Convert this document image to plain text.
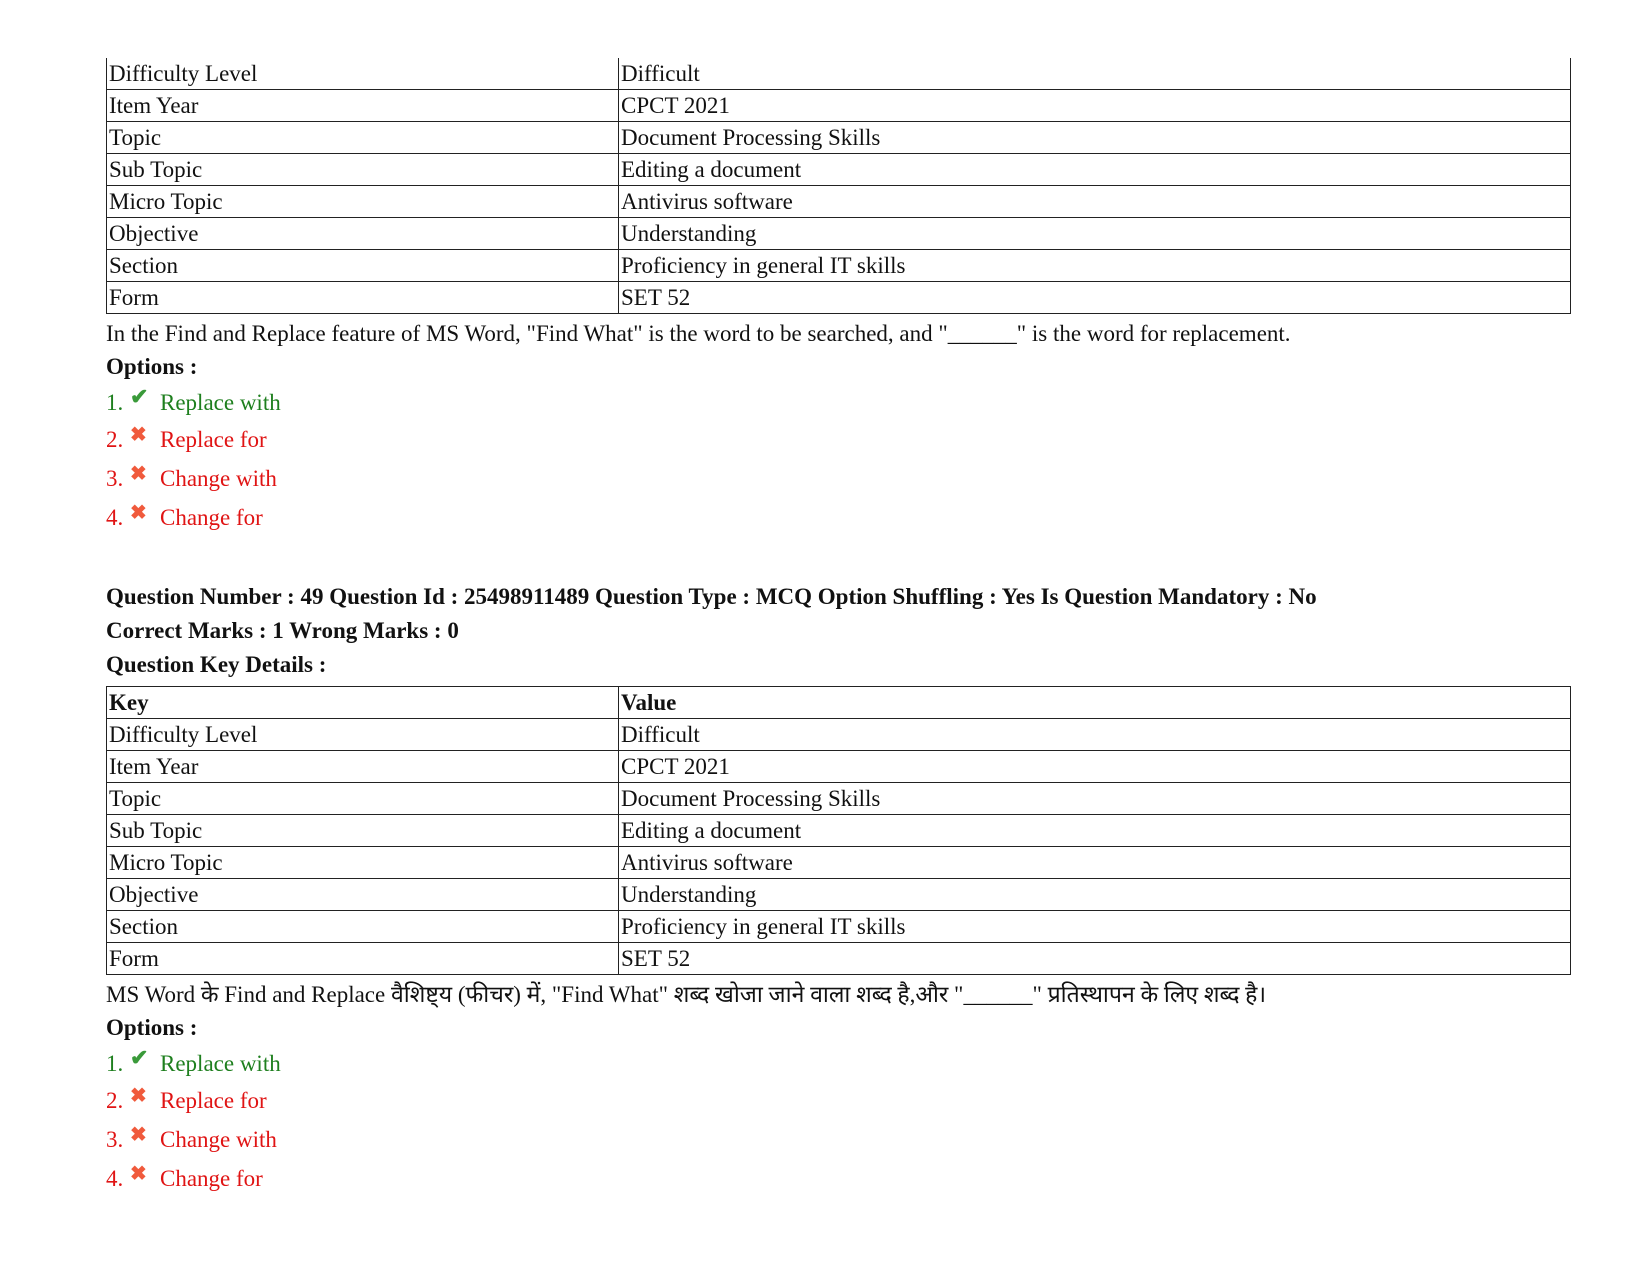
Difficulty Level	Difficult
Item Year	CPCT 2021
Topic	Document Processing Skills
Sub Topic	Editing a document
Micro Topic	Antivirus software
Objective	Understanding
Section	Proficiency in general IT skills
Form	SET 52
In the Find and Replace feature of MS Word, "Find What" is the word to be searched, and "______" is the word for replacement.
Options :
1. ✔ Replace with
2. ✖ Replace for
3. ✖ Change with
4. ✖ Change for
Question Number : 49 Question Id : 25498911489 Question Type : MCQ Option Shuffling : Yes Is Question Mandatory : No
Correct Marks : 1 Wrong Marks : 0
Question Key Details :
Key	Value
Difficulty Level	Difficult
Item Year	CPCT 2021
Topic	Document Processing Skills
Sub Topic	Editing a document
Micro Topic	Antivirus software
Objective	Understanding
Section	Proficiency in general IT skills
Form	SET 52
MS Word के Find and Replace वैशिष्ट्य (फीचर) में, "Find What" शब्द खोजा जाने वाला शब्द है,और "______" प्रतिस्थापन के लिए शब्द है।
Options :
1. ✔ Replace with
2. ✖ Replace for
3. ✖ Change with
4. ✖ Change for
